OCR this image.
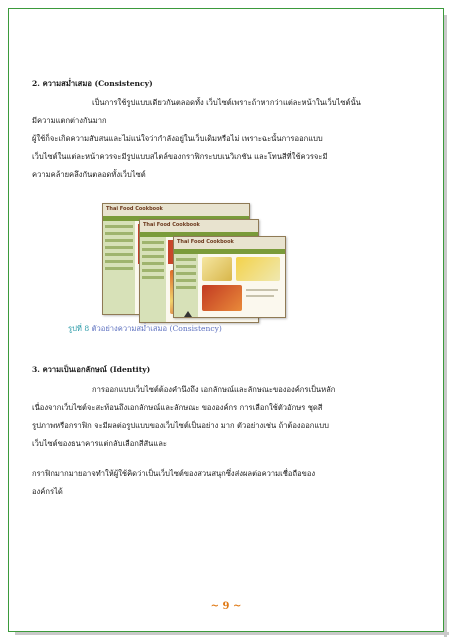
2. ความสม่ำเสมอ (Consistency)
เป็นการใช้รูปแบบเดียวกันตลอดทั้ง เว็บไซต์เพราะถ้าหากว่าแต่ละหน้าในเว็บไซต์นั้น
มีความแตกต่างกันมาก
ผู้ใช้ก็จะเกิดความสับสนและไม่แน่ใจว่ากำลังอยู่ในเว็บเดิมหรือไม่ เพราะฉะนั้นการออกแบบ
เว็บไซต์ในแต่ละหน้าควรจะมีรูปแบบสไตล์ของกราฟิกระบบเนวิเกชัน และโทนสีที่ใช้ควรจะมี
ความคล้ายคลึงกันตลอดทั้งเว็บไซต์
Thai Food Cookbook
Thai Food Cookbook
Thai Food Cookbook
รูปที่ 8 ตัวอย่างความสม่ำเสมอ (Consistency)
3. ความเป็นเอกลักษณ์ (Identity)
การออกแบบเว็บไซต์ต้องคำนึงถึง เอกลักษณ์และลักษณะขององค์กรเป็นหลัก
เนื่องจากเว็บไซต์จะสะท้อนถึงเอกลักษณ์และลักษณะ ขององค์กร การเลือกใช้ตัวอักษร ชุดสี
รูปภาพหรือกราฟิก จะมีผลต่อรูปแบบของเว็บไซต์เป็นอย่าง มาก ตัวอย่างเช่น ถ้าต้องออกแบบ
เว็บไซต์ของธนาคารแต่กลับเลือกสีสันและ
กราฟิกมากมายอาจทำให้ผู้ใช้คิดว่าเป็นเว็บไซต์ของสวนสนุกซึ่งส่งผลต่อความเชื่อถือของ
องค์กรได้
~ 9 ~
